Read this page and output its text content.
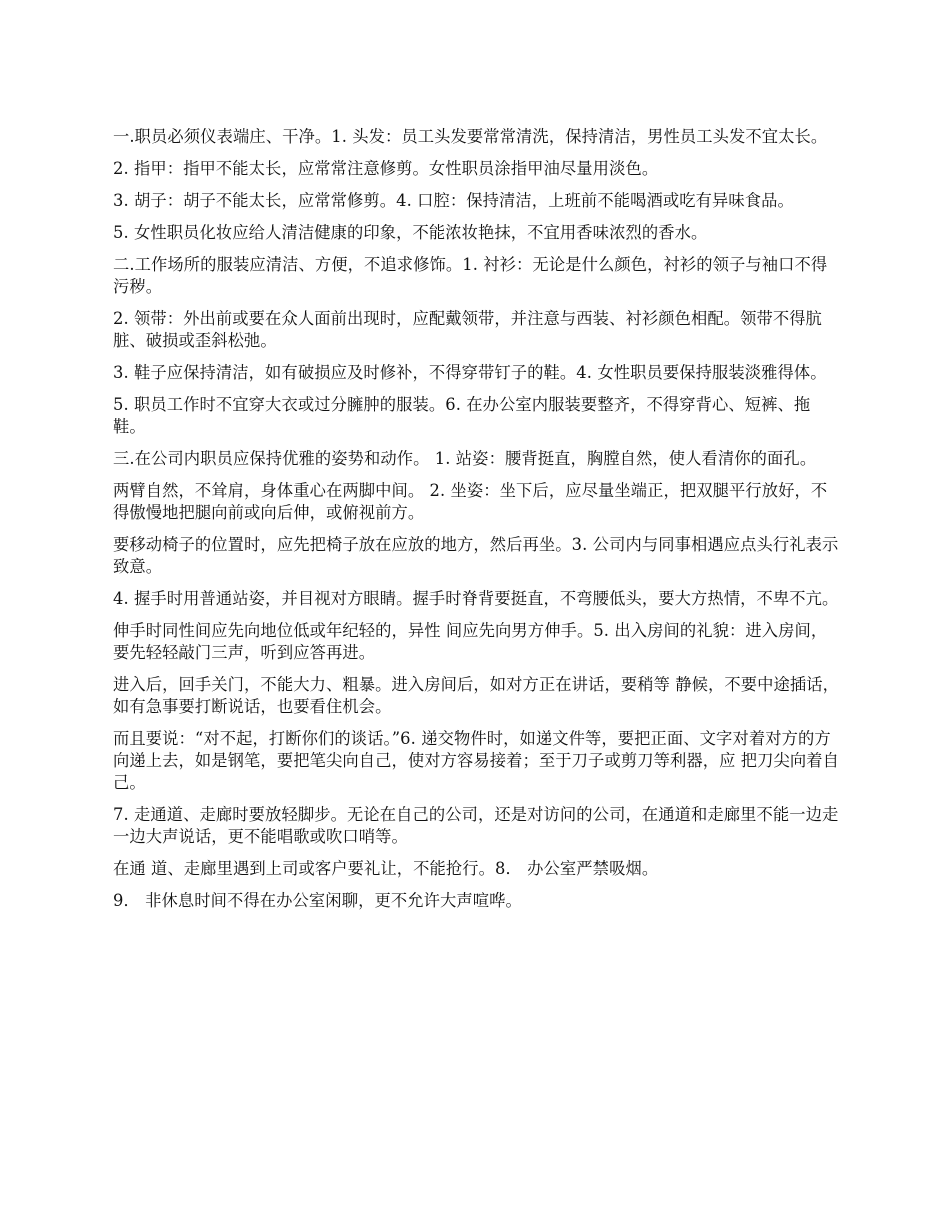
一.职员必须仪表端庄、干净。1. 头发：员工头发要常常清洗，保持清洁，男性员工头发不宜太长。

2. 指甲：指甲不能太长，应常常注意修剪。女性职员涂指甲油尽量用淡色。

3. 胡子：胡子不能太长，应常常修剪。4. 口腔：保持清洁，上班前不能喝酒或吃有异味食品。

5. 女性职员化妆应给人清洁健康的印象，不能浓妆艳抹，不宜用香味浓烈的香水。

二.工作场所的服装应清洁、方便，不追求修饰。1. 衬衫：无论是什么颜色，衬衫的领子与袖口不得污秽。

2. 领带：外出前或要在众人面前出现时，应配戴领带，并注意与西装、衬衫颜色相配。领带不得肮脏、破损或歪斜松弛。

3. 鞋子应保持清洁，如有破损应及时修补，不得穿带钉子的鞋。4. 女性职员要保持服装淡雅得体。

5. 职员工作时不宜穿大衣或过分臃肿的服装。6. 在办公室内服装要整齐，不得穿背心、短裤、拖鞋。

三.在公司内职员应保持优雅的姿势和动作。 1. 站姿：腰背挺直，胸膛自然，使人看清你的面孔。

两臂自然，不耸肩，身体重心在两脚中间。 2. 坐姿：坐下后，应尽量坐端正，把双腿平行放好，不得傲慢地把腿向前或向后伸，或俯视前方。

要移动椅子的位置时，应先把椅子放在应放的地方，然后再坐。3. 公司内与同事相遇应点头行礼表示致意。

4. 握手时用普通站姿，并目视对方眼睛。握手时脊背要挺直，不弯腰低头，要大方热情，不卑不亢。

伸手时同性间应先向地位低或年纪轻的，异性 间应先向男方伸手。5. 出入房间的礼貌：进入房间，要先轻轻敲门三声，听到应答再进。

进入后，回手关门，不能大力、粗暴。进入房间后，如对方正在讲话，要稍等 静候，不要中途插话，如有急事要打断说话，也要看住机会。

而且要说：“对不起，打断你们的谈话。”6. 递交物件时，如递文件等，要把正面、文字对着对方的方向递上去，如是钢笔，要把笔尖向自己，使对方容易接着；至于刀子或剪刀等利器，应 把刀尖向着自己。

7. 走通道、走廊时要放轻脚步。无论在自己的公司，还是对访问的公司，在通道和走廊里不能一边走一边大声说话，更不能唱歌或吹口哨等。

在通 道、走廊里遇到上司或客户要礼让，不能抢行。8． 办公室严禁吸烟。

9． 非休息时间不得在办公室闲聊，更不允许大声喧哗。
